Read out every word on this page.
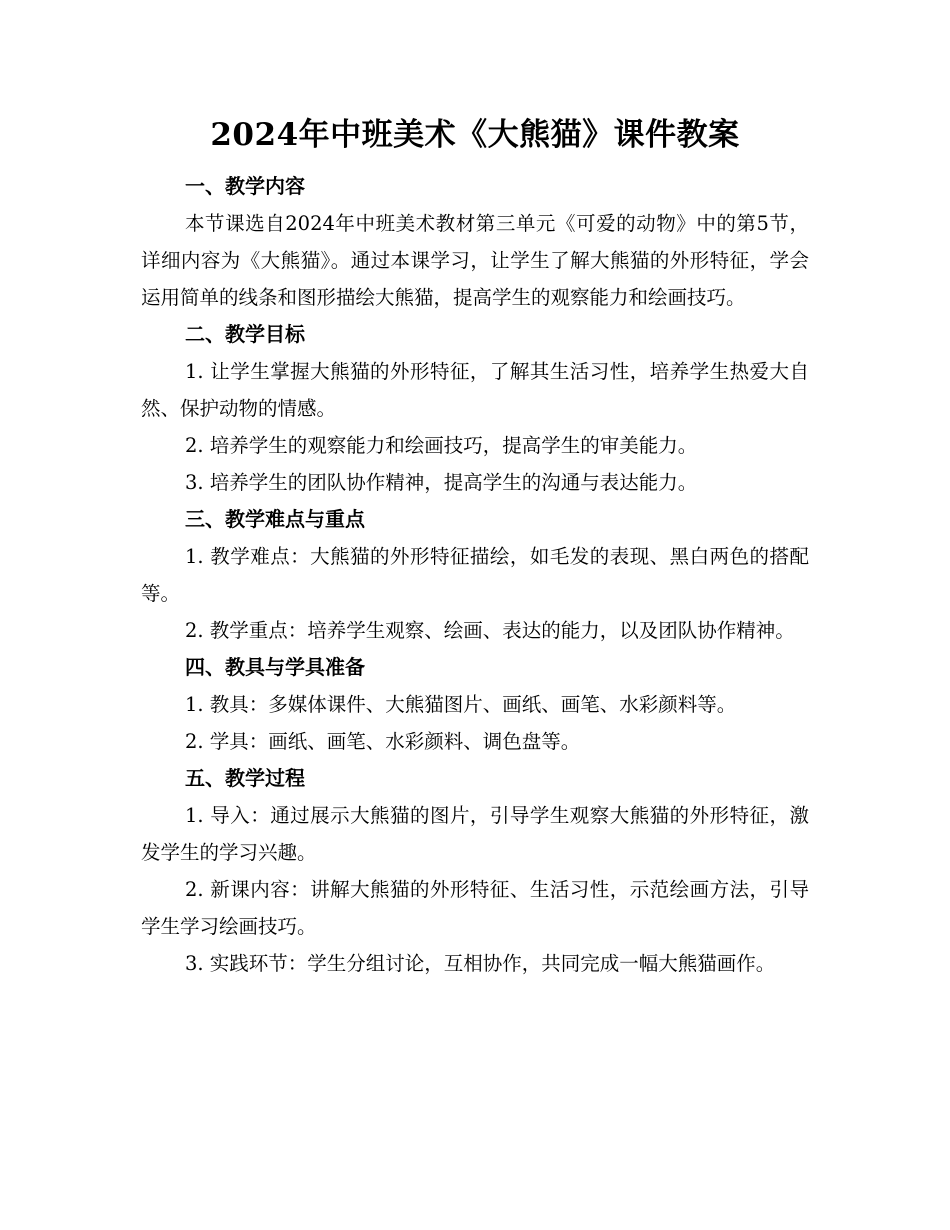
2024年中班美术《大熊猫》课件教案

一、教学内容

本节课选自2024年中班美术教材第三单元《可爱的动物》中的第5节，详细内容为《大熊猫》。通过本课学习，让学生了解大熊猫的外形特征，学会运用简单的线条和图形描绘大熊猫，提高学生的观察能力和绘画技巧。

二、教学目标

1. 让学生掌握大熊猫的外形特征，了解其生活习性，培养学生热爱大自然、保护动物的情感。

2. 培养学生的观察能力和绘画技巧，提高学生的审美能力。

3. 培养学生的团队协作精神，提高学生的沟通与表达能力。

三、教学难点与重点

1. 教学难点：大熊猫的外形特征描绘，如毛发的表现、黑白两色的搭配等。

2. 教学重点：培养学生观察、绘画、表达的能力，以及团队协作精神。

四、教具与学具准备

1. 教具：多媒体课件、大熊猫图片、画纸、画笔、水彩颜料等。

2. 学具：画纸、画笔、水彩颜料、调色盘等。

五、教学过程

1. 导入：通过展示大熊猫的图片，引导学生观察大熊猫的外形特征，激发学生的学习兴趣。

2. 新课内容：讲解大熊猫的外形特征、生活习性，示范绘画方法，引导学生学习绘画技巧。

3. 实践环节：学生分组讨论，互相协作，共同完成一幅大熊猫画作。
